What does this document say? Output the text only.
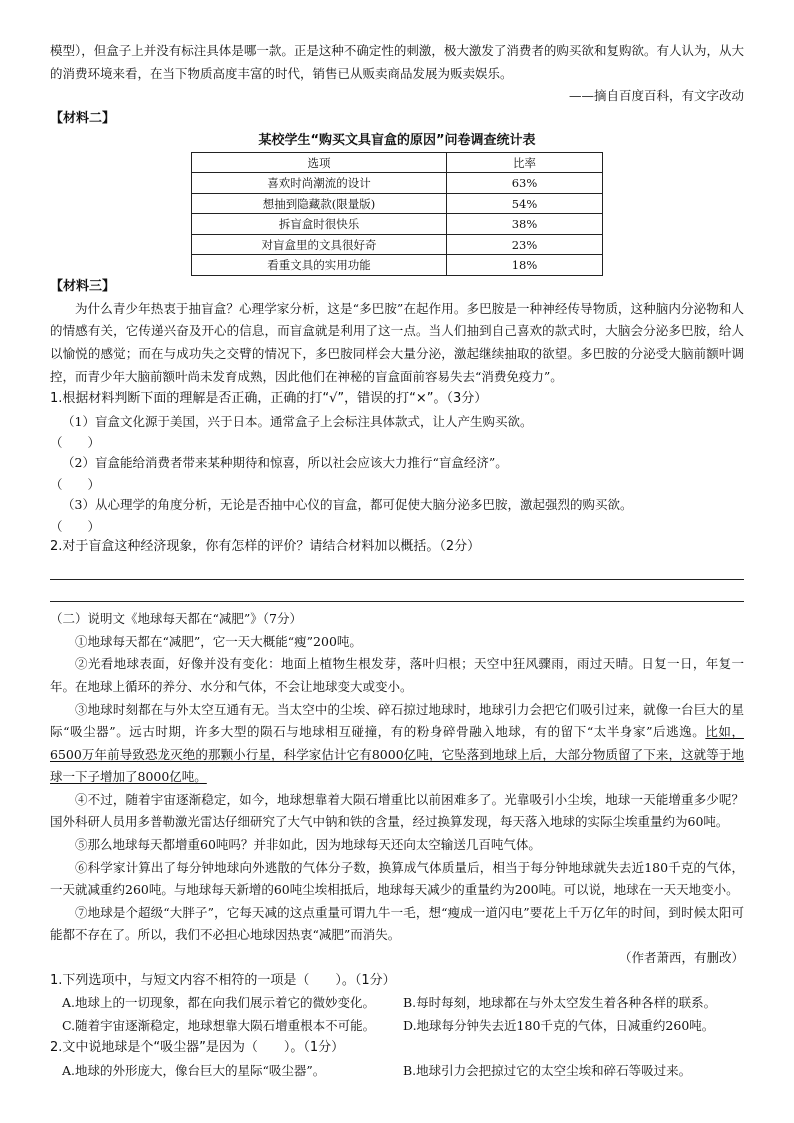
模型），但盒子上并没有标注具体是哪一款。正是这种不确定性的刺激，极大激发了消费者的购买欲和复购欲。有人认为，从大的消费环境来看，在当下物质高度丰富的时代，销售已从贩卖商品发展为贩卖娱乐。

——摘自百度百科，有文字改动

【材料二】

某校学生“购买文具盲盒的原因”问卷调查统计表

选项	比率
喜欢时尚潮流的设计	63%
想抽到隐藏款(限量版)	54%
拆盲盒时很快乐	38%
对盲盒里的文具很好奇	23%
看重文具的实用功能	18%

【材料三】

为什么青少年热衷于抽盲盒？心理学家分析，这是“多巴胺”在起作用。多巴胺是一种神经传导物质，这种脑内分泌物和人的情感有关，它传递兴奋及开心的信息，而盲盒就是利用了这一点。当人们抽到自己喜欢的款式时，大脑会分泌多巴胺，给人以愉悦的感觉；而在与成功失之交臂的情况下，多巴胺同样会大量分泌，激起继续抽取的欲望。多巴胺的分泌受大脑前额叶调控，而青少年大脑前额叶尚未发育成熟，因此他们在神秘的盲盒面前容易失去“消费免疫力”。

1.根据材料判断下面的理解是否正确，正确的打“√”，错误的打“×”。（3分）

（1）盲盒文化源于美国，兴于日本。通常盒子上会标注具体款式，让人产生购买欲。

（　　）

（2）盲盒能给消费者带来某种期待和惊喜，所以社会应该大力推行“盲盒经济”。

（　　）

（3）从心理学的角度分析，无论是否抽中心仪的盲盒，都可促使大脑分泌多巴胺，激起强烈的购买欲。

（　　）

2.对于盲盒这种经济现象，你有怎样的评价？请结合材料加以概括。（2分）

（二）说明文《地球每天都在“减肥”》（7分）

①地球每天都在“减肥”，它一天大概能“瘦”200吨。

②光看地球表面，好像并没有变化：地面上植物生根发芽，落叶归根；天空中狂风骤雨，雨过天晴。日复一日，年复一年。在地球上循环的养分、水分和气体，不会让地球变大或变小。

③地球时刻都在与外太空互通有无。当太空中的尘埃、碎石掠过地球时，地球引力会把它们吸引过来，就像一台巨大的星际“吸尘器”。远古时期，许多大型的陨石与地球相互碰撞，有的粉身碎骨融入地球，有的留下“太半身家”后逃逸。比如，6500万年前导致恐龙灭绝的那颗小行星，科学家估计它有8000亿吨，它坠落到地球上后，大部分物质留了下来，这就等于地球一下子增加了8000亿吨。

④不过，随着宇宙逐渐稳定，如今，地球想靠着大陨石增重比以前困难多了。光靠吸引小尘埃，地球一天能增重多少呢？国外科研人员用多普勒激光雷达仔细研究了大气中钠和铁的含量，经过换算发现，每天落入地球的实际尘埃重量约为60吨。

⑤那么地球每天都增重60吨吗？并非如此，因为地球每天还向太空输送几百吨气体。

⑥科学家计算出了每分钟地球向外逃散的气体分子数，换算成气体质量后，相当于每分钟地球就失去近180千克的气体，一天就减重约260吨。与地球每天新增的60吨尘埃相抵后，地球每天减少的重量约为200吨。可以说，地球在一天天地变小。

⑦地球是个超级“大胖子”，它每天减的这点重量可谓九牛一毛，想“瘦成一道闪电”要花上千万亿年的时间，到时候太阳可能都不存在了。所以，我们不必担心地球因热衷“减肥”而消失。

（作者萧西，有删改）

1.下列选项中，与短文内容不相符的一项是（　　）。（1分）

A.地球上的一切现象，都在向我们展示着它的微妙变化。	B.每时每刻，地球都在与外太空发生着各种各样的联系。
C.随着宇宙逐渐稳定，地球想靠大陨石增重根本不可能。	D.地球每分钟失去近180千克的气体，日减重约260吨。

2.文中说地球是个“吸尘器”是因为（　　）。（1分）

A.地球的外形庞大，像台巨大的星际“吸尘器”。	B.地球引力会把掠过它的太空尘埃和碎石等吸过来。
